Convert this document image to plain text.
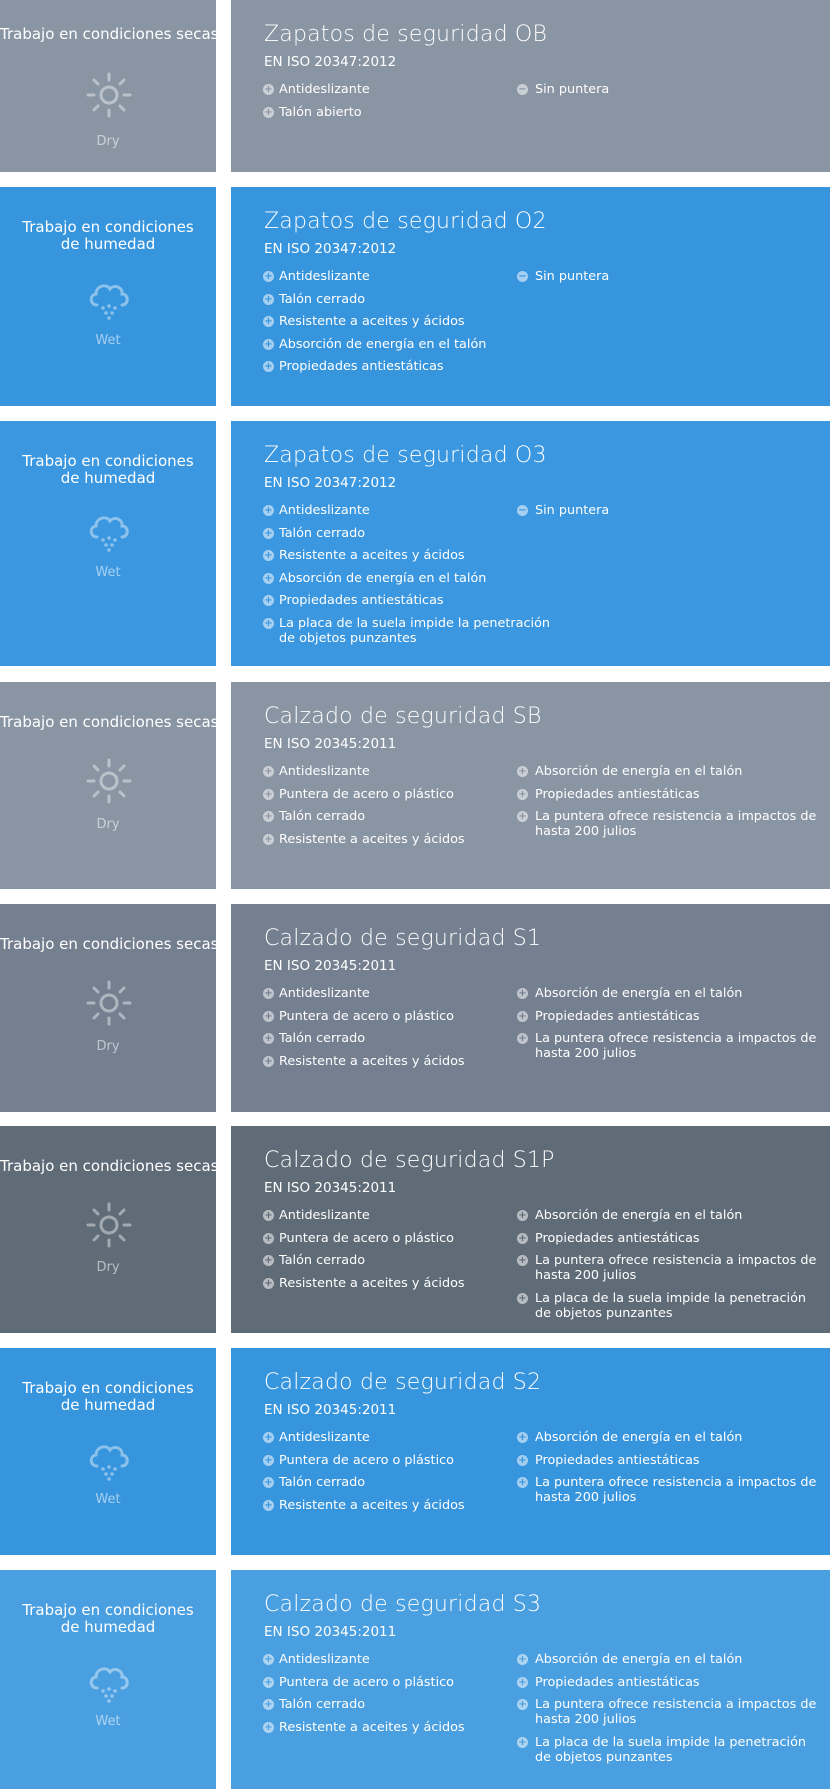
Trabajo en condiciones secas
Dry
Zapatos de seguridad OB
EN ISO 20347:2012
+ Antideslizante
+ Talón abierto
− Sin puntera
Trabajo en condiciones de humedad
Wet
Zapatos de seguridad O2
EN ISO 20347:2012
+ Antideslizante
+ Talón cerrado
+ Resistente a aceites y ácidos
+ Absorción de energía en el talón
+ Propiedades antiestáticas
− Sin puntera
Trabajo en condiciones de humedad
Wet
Zapatos de seguridad O3
EN ISO 20347:2012
+ Antideslizante
+ Talón cerrado
+ Resistente a aceites y ácidos
+ Absorción de energía en el talón
+ Propiedades antiestáticas
+ La placa de la suela impide la penetración de objetos punzantes
− Sin puntera
Trabajo en condiciones secas
Dry
Calzado de seguridad SB
EN ISO 20345:2011
+ Antideslizante
+ Puntera de acero o plástico
+ Talón cerrado
+ Resistente a aceites y ácidos
+ Absorción de energía en el talón
+ Propiedades antiestáticas
+ La puntera ofrece resistencia a impactos de hasta 200 julios
Trabajo en condiciones secas
Dry
Calzado de seguridad S1
EN ISO 20345:2011
+ Antideslizante
+ Puntera de acero o plástico
+ Talón cerrado
+ Resistente a aceites y ácidos
+ Absorción de energía en el talón
+ Propiedades antiestáticas
+ La puntera ofrece resistencia a impactos de hasta 200 julios
Trabajo en condiciones secas
Dry
Calzado de seguridad S1P
EN ISO 20345:2011
+ Antideslizante
+ Puntera de acero o plástico
+ Talón cerrado
+ Resistente a aceites y ácidos
+ Absorción de energía en el talón
+ Propiedades antiestáticas
+ La puntera ofrece resistencia a impactos de hasta 200 julios
+ La placa de la suela impide la penetración de objetos punzantes
Trabajo en condiciones de humedad
Wet
Calzado de seguridad S2
EN ISO 20345:2011
+ Antideslizante
+ Puntera de acero o plástico
+ Talón cerrado
+ Resistente a aceites y ácidos
+ Absorción de energía en el talón
+ Propiedades antiestáticas
+ La puntera ofrece resistencia a impactos de hasta 200 julios
Trabajo en condiciones de humedad
Wet
Calzado de seguridad S3
EN ISO 20345:2011
+ Antideslizante
+ Puntera de acero o plástico
+ Talón cerrado
+ Resistente a aceites y ácidos
+ Absorción de energía en el talón
+ Propiedades antiestáticas
+ La puntera ofrece resistencia a impactos de hasta 200 julios
+ La placa de la suela impide la penetración de objetos punzantes
